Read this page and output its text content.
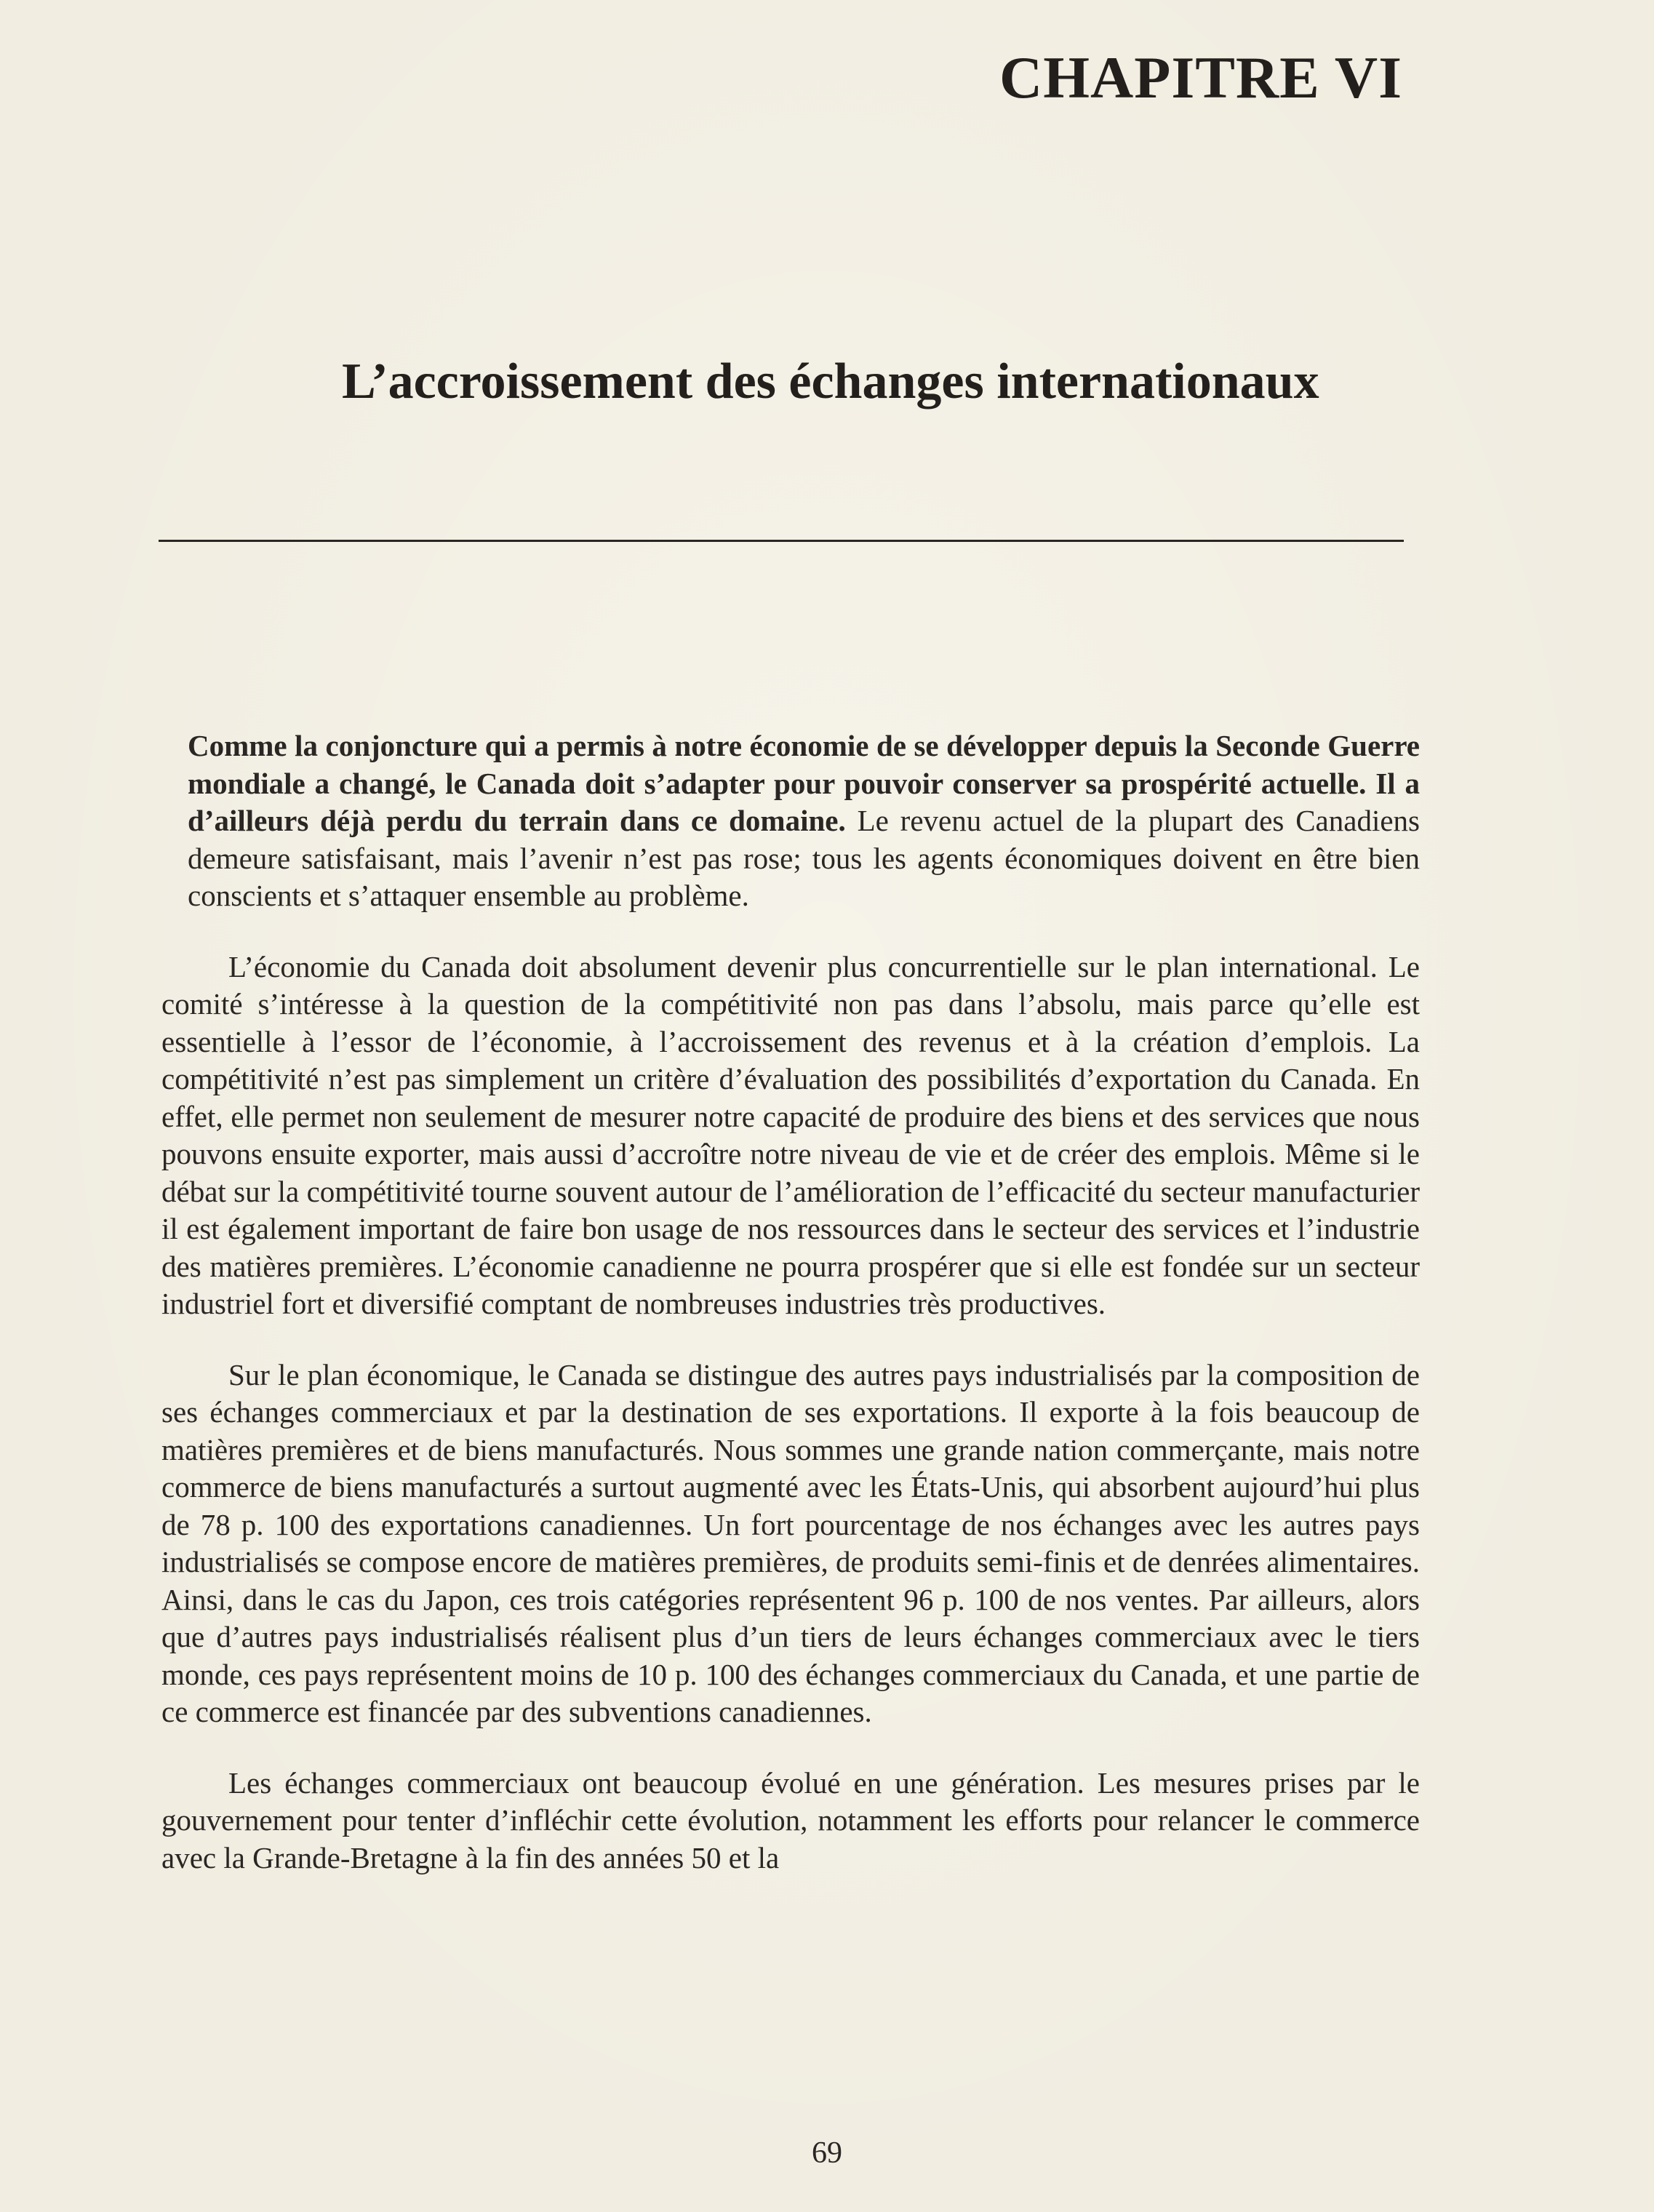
CHAPITRE VI
L’accroissement des échanges internationaux

Comme la conjoncture qui a permis à notre économie de se développer depuis la Seconde Guerre mondiale a changé, le Canada doit s’adapter pour pouvoir conserver sa prospérité actuelle. Il a d’ailleurs déjà perdu du terrain dans ce domaine. Le revenu actuel de la plupart des Canadiens demeure satisfaisant, mais l’avenir n’est pas rose; tous les agents économiques doivent en être bien conscients et s’attaquer ensemble au problème.

L’économie du Canada doit absolument devenir plus concurrentielle sur le plan international. Le comité s’intéresse à la question de la compétitivité non pas dans l’absolu, mais parce qu’elle est essentielle à l’essor de l’économie, à l’accroissement des revenus et à la création d’emplois. La compétitivité n’est pas simplement un critère d’évaluation des possibilités d’exportation du Canada. En effet, elle permet non seulement de mesurer notre capacité de produire des biens et des services que nous pouvons ensuite exporter, mais aussi d’accroître notre niveau de vie et de créer des emplois. Même si le débat sur la compétitivité tourne souvent autour de l’amélioration de l’efficacité du secteur manufacturier il est également important de faire bon usage de nos ressources dans le secteur des services et l’industrie des matières premières. L’économie canadienne ne pourra prospérer que si elle est fondée sur un secteur industriel fort et diversifié comptant de nombreuses industries très productives.

Sur le plan économique, le Canada se distingue des autres pays industrialisés par la composition de ses échanges commerciaux et par la destination de ses exportations. Il exporte à la fois beaucoup de matières premières et de biens manufacturés. Nous sommes une grande nation commerçante, mais notre commerce de biens manufacturés a surtout augmenté avec les États-Unis, qui absorbent aujourd’hui plus de 78 p. 100 des exportations canadiennes. Un fort pourcentage de nos échanges avec les autres pays industrialisés se compose encore de matières premières, de produits semi-finis et de denrées alimentaires. Ainsi, dans le cas du Japon, ces trois catégories représentent 96 p. 100 de nos ventes. Par ailleurs, alors que d’autres pays industrialisés réalisent plus d’un tiers de leurs échanges commerciaux avec le tiers monde, ces pays représentent moins de 10 p. 100 des échanges commerciaux du Canada, et une partie de ce commerce est financée par des subventions canadiennes.

Les échanges commerciaux ont beaucoup évolué en une génération. Les mesures prises par le gouvernement pour tenter d’infléchir cette évolution, notamment les efforts pour relancer le commerce avec la Grande-Bretagne à la fin des années 50 et la

69
